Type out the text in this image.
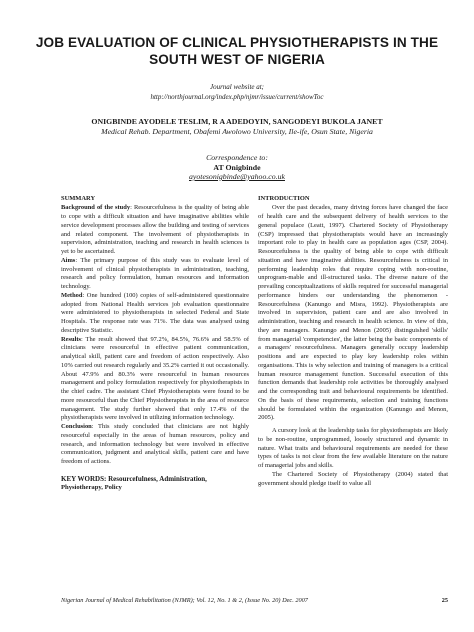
JOB EVALUATION OF CLINICAL PHYSIOTHERAPISTS IN THE
SOUTH WEST OF NIGERIA
Journal website at;
http://northjournal.org/index.php/njmr/issue/current/showToc
ONIGBINDE AYODELE TESLIM, R A ADEDOYIN, SANGODEYI BUKOLA JANET
Medical Rehab. Department, Obafemi Awolowo University, Ile-ife, Osun State, Nigeria
Correspondence to:
AT Onigbinde
ayotesonigbinde@yahoo.co.uk

SUMMARY

Background of the study: Resourcefulness is the quality of being able to cope with a difficult situation and have imaginative abilities while service development processes allow the building and testing of services and related component. The involvement of physiotherapists in supervision, administration, teaching and research in health sciences is yet to be ascertained.

Aims: The primary purpose of this study was to evaluate level of involvement of clinical physiotherapists in administration, teaching, research and policy formulation, human resources and information technology.

Method: One hundred (100) copies of self-administered questionnaire adopted from National Health services job evaluation questionnaire were administered to physiotherapists in selected Federal and State Hospitals. The response rate was 71%. The data was analysed using descriptive Statistic.

Results: The result showed that 97.2%, 84.5%, 76.6% and 58.5% of clinicians were resourceful in effective patient communication, analytical skill, patient care and freedom of action respectively. Also 10% carried out research regularly and 35.2% carried it out occasionally. About 47.9% and 80.3% were resourceful in human resources management and policy formulation respectively for physiotherapists in the chief cadre. The assistant Chief Physiotherapists were found to be more resourceful than the Chief Physiotherapists in the area of resource management. The study further showed that only 17.4% of the physiotherapists were involved in utilizing information technology.

Conclusion: This study concluded that clinicians are not highly resourceful especially in the areas of human resources, policy and research, and information technology but were involved in effective communication, judgment and analytical skills, patient care and have freedom of actions.

KEY WORDS: Resourcefulness, Administration,

Physiotherapy, Policy

INTRODUCTION

Over the past decades, many driving forces have changed the face of health care and the subsequent delivery of health services to the general populace (Leatt, 1997). Chartered Society of Physiotherapy (CSP) impressed that physiotherapists would have an increasingly important role to play in health care as population ages (CSP, 2004). Resourcefulness is the quality of being able to cope with difficult situation and have imaginative abilities. Resourcefulness is critical in performing leadership roles that require coping with non-routine, unprogram-mable and ill-structured tasks. The diverse nature of the prevailing conceptualizations of skills required for successful managerial performance hinders our understanding the phenomenon - Resourcefulness (Kanungo and Misra, 1992). Physiotherapists are involved in supervision, patient care and are also involved in administration, teaching and research in health science. In view of this, they are managers. Kanungo and Menon (2005) distinguished 'skills' from managerial 'competencies', the latter being the basic components of a managers' resourcefulness. Managers generally occupy leadership positions and are expected to play key leadership roles within organisations. This is why selection and training of managers is a critical human resource management function. Successful execution of this function demands that leadership role activities be thoroughly analysed and the corresponding trait and behavioural requirements be identified. On the basis of these requirements, selection and training functions should be formulated within the organization (Kanungo and Menon, 2005).

A cursory look at the leadership tasks for physiotherapists are likely to be non-routine, unprogrammed, loosely structured and dynamic in nature. What traits and behavioural requirements are needed for these types of tasks is not clear from the few available literature on the nature of managerial jobs and skills.

The Chartered Society of Physiotherapy (2004) stated that government should pledge itself to value all

Nigerian Journal of Medical Rehabilitation (NJMR); Vol. 12, No. 1 & 2, (Issue No. 20) Dec. 2007	25
